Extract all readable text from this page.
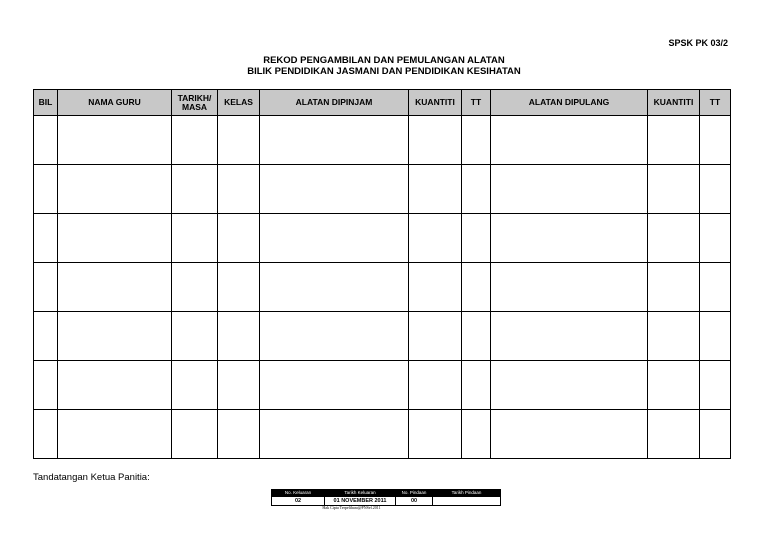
SPSK PK 03/2
REKOD PENGAMBILAN DAN PEMULANGAN ALATAN
BILIK PENDIDIKAN JASMANI DAN PENDIDIKAN KESIHATAN
BIL	NAMA GURU	TARIKH/
MASA	KELAS	ALATAN DIPINJAM	KUANTITI	TT	ALATAN DIPULANG	KUANTITI	TT

Tandatangan Ketua Panitia:
No. Keluaran	Tarikh Keluaran	No. Pindaan	Tarikh Pindaan
02	01 NOVEMBER 2011	00	
Hak Cipta Terpelihara@PNSel.2011
